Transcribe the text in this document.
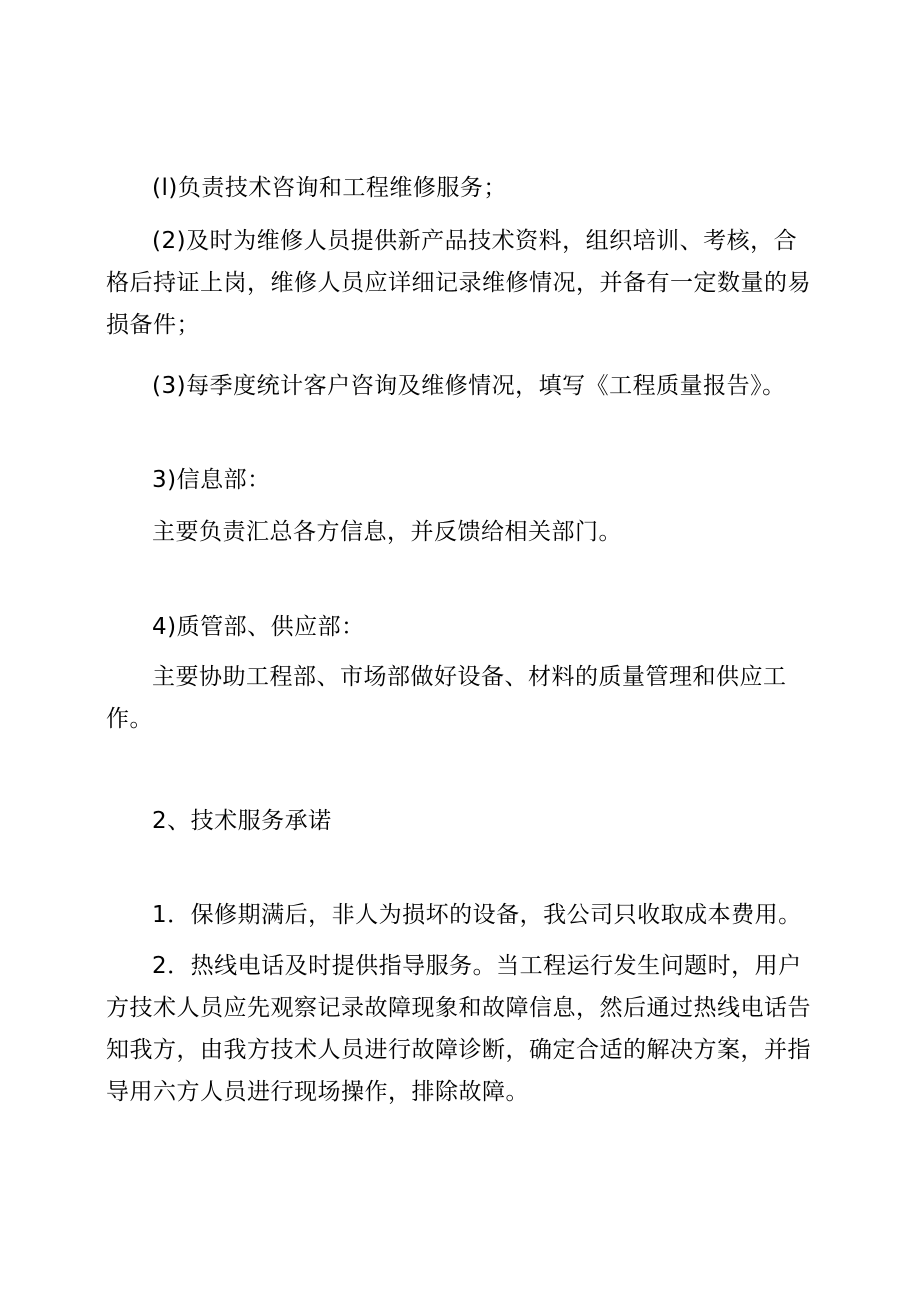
(l)负责技术咨询和工程维修服务；
(2)及时为维修人员提供新产品技术资料，组织培训、考核，合格后持证上岗，维修人员应详细记录维修情况，并备有一定数量的易损备件；
(3)每季度统计客户咨询及维修情况，填写《工程质量报告》。
3)信息部：
主要负责汇总各方信息，并反馈给相关部门。
4)质管部、供应部：
主要协助工程部、市场部做好设备、材料的质量管理和供应工作。
2、技术服务承诺
1．保修期满后，非人为损坏的设备，我公司只收取成本费用。
2．热线电话及时提供指导服务。当工程运行发生问题时，用户方技术人员应先观察记录故障现象和故障信息，然后通过热线电话告知我方，由我方技术人员进行故障诊断，确定合适的解决方案，并指导用六方人员进行现场操作，排除故障。
